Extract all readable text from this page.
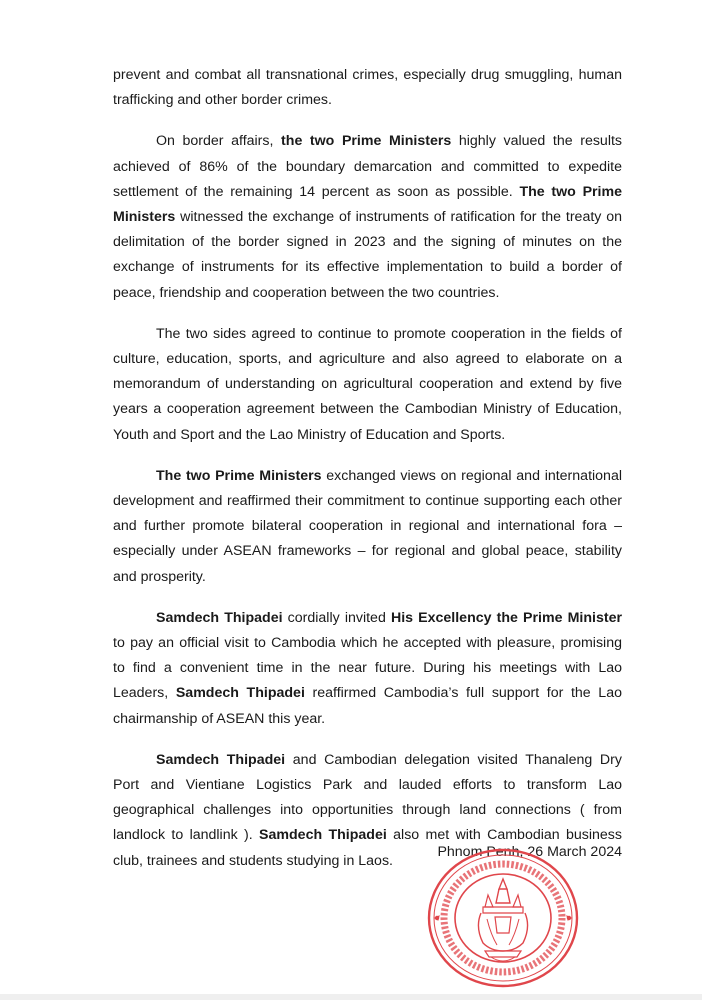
prevent and combat all transnational crimes, especially drug smuggling, human trafficking and other border crimes.

On border affairs, the two Prime Ministers highly valued the results achieved of 86% of the boundary demarcation and committed to expedite settlement of the remaining 14 percent as soon as possible. The two Prime Ministers witnessed the exchange of instruments of ratification for the treaty on delimitation of the border signed in 2023 and the signing of minutes on the exchange of instruments for its effective implementation to build a border of peace, friendship and cooperation between the two countries.

The two sides agreed to continue to promote cooperation in the fields of culture, education, sports, and agriculture and also agreed to elaborate on a memorandum of understanding on agricultural cooperation and extend by five years a cooperation agreement between the Cambodian Ministry of Education, Youth and Sport and the Lao Ministry of Education and Sports.

The two Prime Ministers exchanged views on regional and international development and reaffirmed their commitment to continue supporting each other and further promote bilateral cooperation in regional and international fora – especially under ASEAN frameworks – for regional and global peace, stability and prosperity.

Samdech Thipadei cordially invited His Excellency the Prime Minister to pay an official visit to Cambodia which he accepted with pleasure, promising to find a convenient time in the near future. During his meetings with Lao Leaders, Samdech Thipadei reaffirmed Cambodia’s full support for the Lao chairmanship of ASEAN this year.

Samdech Thipadei and Cambodian delegation visited Thanaleng Dry Port and Vientiane Logistics Park and lauded efforts to transform Lao geographical challenges into opportunities through land connections ( from landlock to landlink ). Samdech Thipadei also met with Cambodian business club, trainees and students studying in Laos.

Phnom Penh, 26 March 2024
